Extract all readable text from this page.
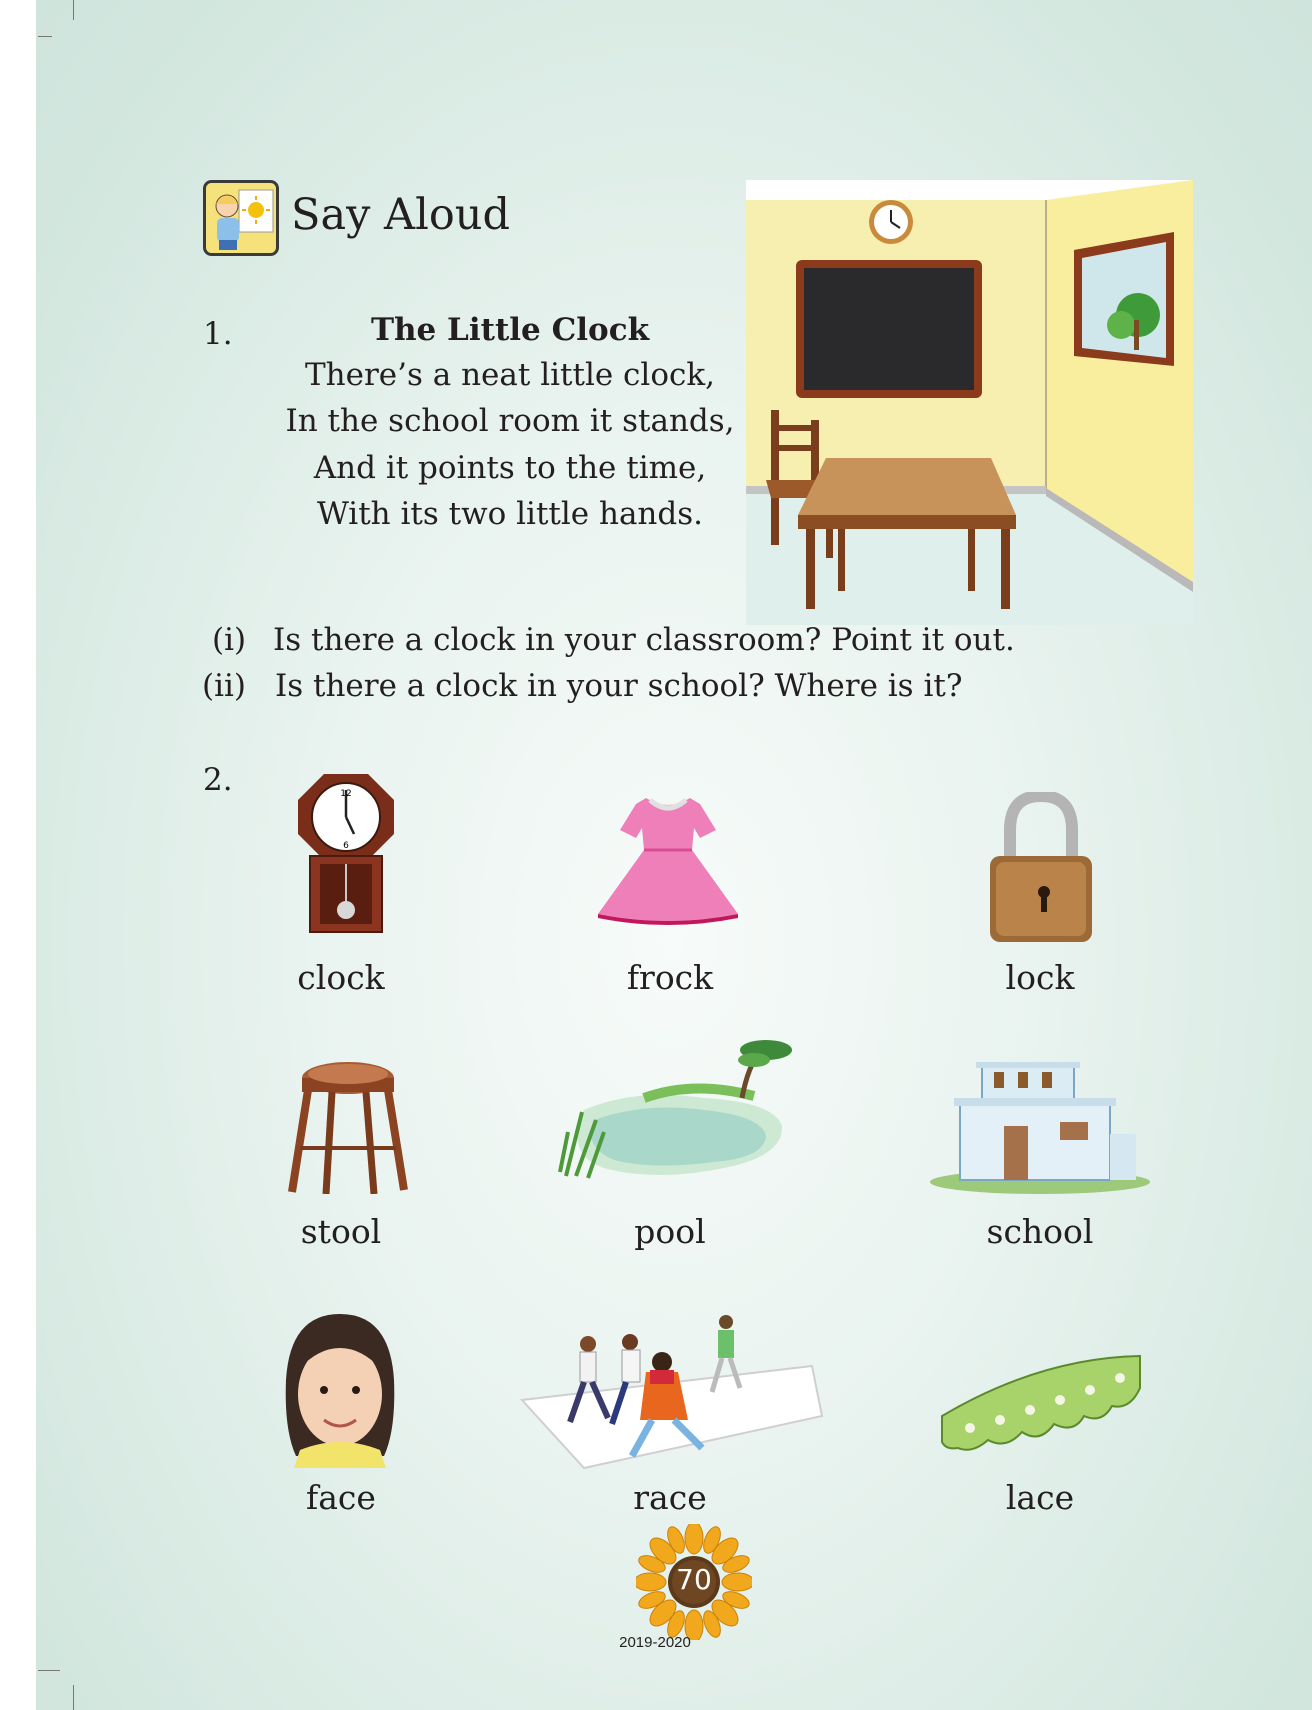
Say Aloud
1.	The Little Clock
There’s a neat little clock,
In the school room it stands,
And it points to the time,
With its two little hands.
(i) Is there a clock in your classroom? Point it out.
(ii) Is there a clock in your school? Where is it?
2.	12
6
clock	frock	lock
stool	pool	school
face	race	lace
70
2019-2020
